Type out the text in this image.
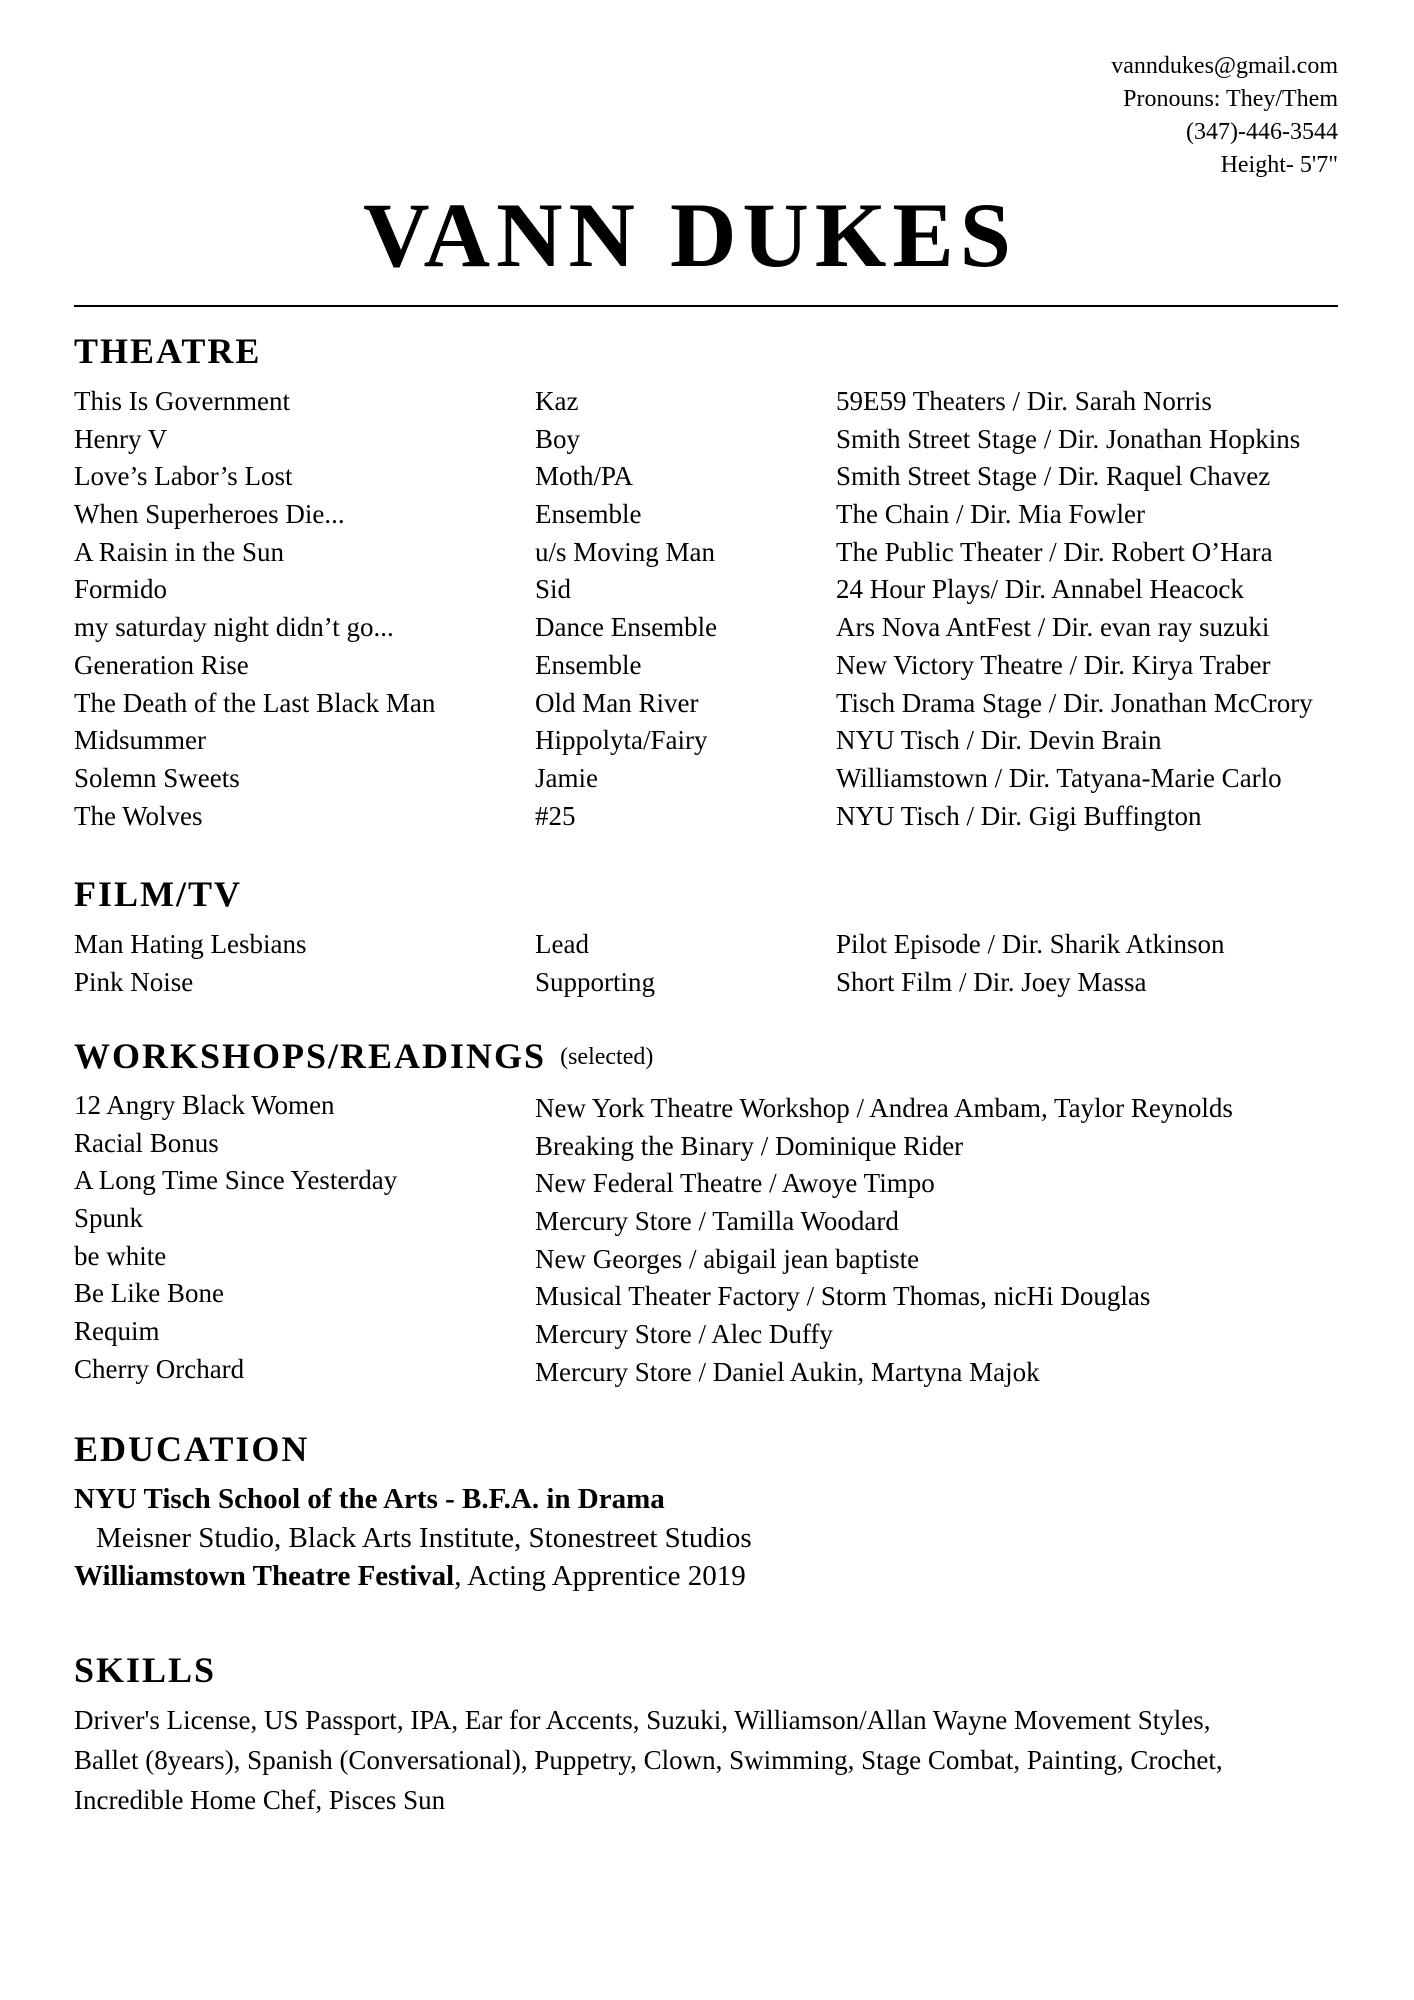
vanndukes@gmail.com
Pronouns: They/Them
(347)-446-3544
Height- 5'7"
VANN DUKES
THEATRE
This Is Government	Kaz	59E59 Theaters / Dir. Sarah Norris
Henry V	Boy	Smith Street Stage / Dir. Jonathan Hopkins
Love’s Labor’s Lost	Moth/PA	Smith Street Stage / Dir. Raquel Chavez
When Superheroes Die...	Ensemble	The Chain / Dir. Mia Fowler
A Raisin in the Sun	u/s Moving Man	The Public Theater / Dir. Robert O’Hara
Formido	Sid	24 Hour Plays/ Dir. Annabel Heacock
my saturday night didn’t go...	Dance Ensemble	Ars Nova AntFest / Dir. evan ray suzuki
Generation Rise	Ensemble	New Victory Theatre / Dir. Kirya Traber
The Death of the Last Black Man	Old Man River	Tisch Drama Stage / Dir. Jonathan McCrory
Midsummer	Hippolyta/Fairy	NYU Tisch / Dir. Devin Brain
Solemn Sweets	Jamie	Williamstown / Dir. Tatyana-Marie Carlo
The Wolves	#25	NYU Tisch / Dir. Gigi Buffington
FILM/TV
Man Hating Lesbians	Lead	Pilot Episode / Dir. Sharik Atkinson
Pink Noise	Supporting	Short Film / Dir. Joey Massa
WORKSHOPS/READINGS (selected)
12 Angry Black Women	New York Theatre Workshop / Andrea Ambam, Taylor Reynolds
Racial Bonus	Breaking the Binary / Dominique Rider
A Long Time Since Yesterday	New Federal Theatre / Awoye Timpo
Spunk	Mercury Store / Tamilla Woodard
be white	New Georges / abigail jean baptiste
Be Like Bone	Musical Theater Factory / Storm Thomas, nicHi Douglas
Requim	Mercury Store / Alec Duffy
Cherry Orchard	Mercury Store / Daniel Aukin, Martyna Majok
EDUCATION
NYU Tisch School of the Arts - B.F.A. in Drama
Meisner Studio, Black Arts Institute, Stonestreet Studios
Williamstown Theatre Festival, Acting Apprentice 2019
SKILLS
Driver's License, US Passport, IPA, Ear for Accents, Suzuki, Williamson/Allan Wayne Movement Styles, Ballet (8years), Spanish (Conversational), Puppetry, Clown, Swimming, Stage Combat, Painting, Crochet, Incredible Home Chef, Pisces Sun
